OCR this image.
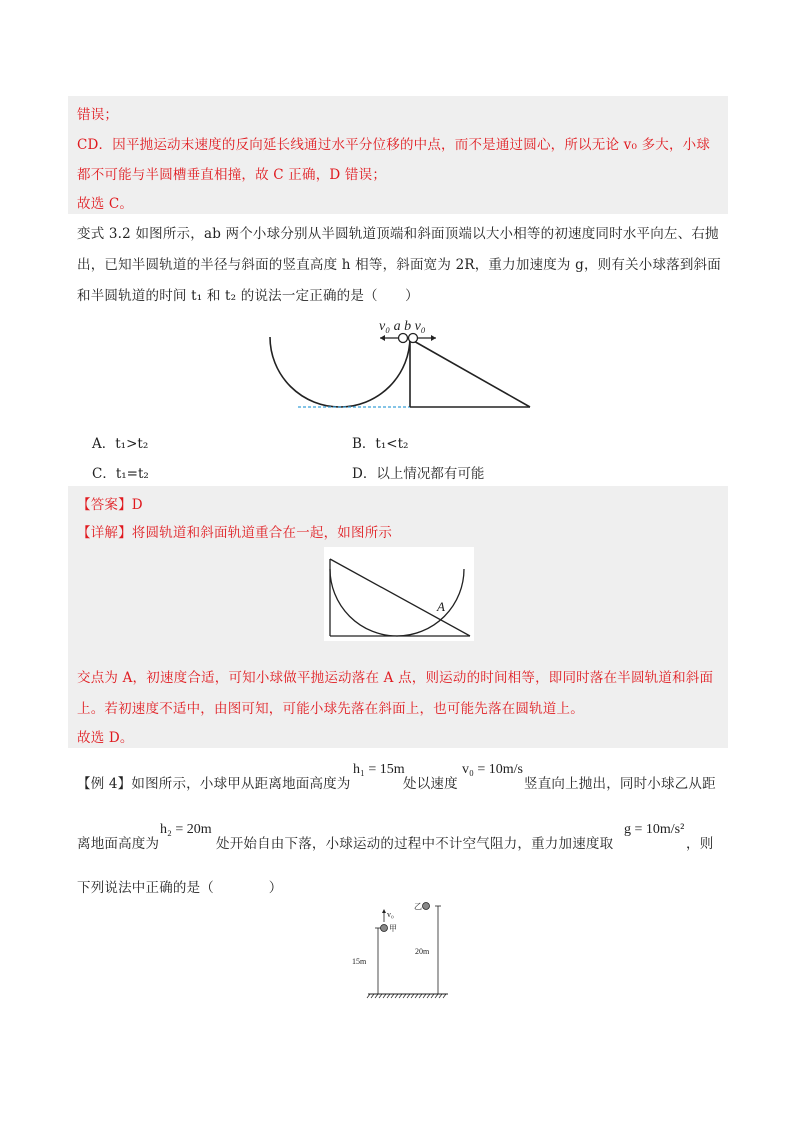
错误；
CD．因平抛运动末速度的反向延长线通过水平分位移的中点，而不是通过圆心，所以无论 v₀ 多大，小球
都不可能与半圆槽垂直相撞，故 C 正确，D 错误；
故选 C。
变式 3.2 如图所示，ab 两个小球分别从半圆轨道顶端和斜面顶端以大小相等的初速度同时水平向左、右抛
出，已知半圆轨道的半径与斜面的竖直高度 h 相等，斜面宽为 2R，重力加速度为 g，则有关小球落到斜面
和半圆轨道的时间 t₁ 和 t₂ 的说法一定正确的是（　　）
v₀ a b v₀
A．t₁>t₂	B．t₁<t₂
C．t₁=t₂	D．以上情况都有可能
【答案】D
【详解】将圆轨道和斜面轨道重合在一起，如图所示
A
交点为 A，初速度合适，可知小球做平抛运动落在 A 点，则运动的时间相等，即同时落在半圆轨道和斜面
上。若初速度不适中，由图可知，可能小球先落在斜面上，也可能先落在圆轨道上。
故选 D。
【例 4】如图所示，小球甲从距离地面高度为
h₁ = 15m
处以速度
v₀ = 10m/s
竖直向上抛出，同时小球乙从距
离地面高度为
h₂ = 20m
处开始自由下落，小球运动的过程中不计空气阻力，重力加速度取
g = 10m/s²
，则
下列说法中正确的是（　　　　）
v₀
甲
乙
15m
20m
